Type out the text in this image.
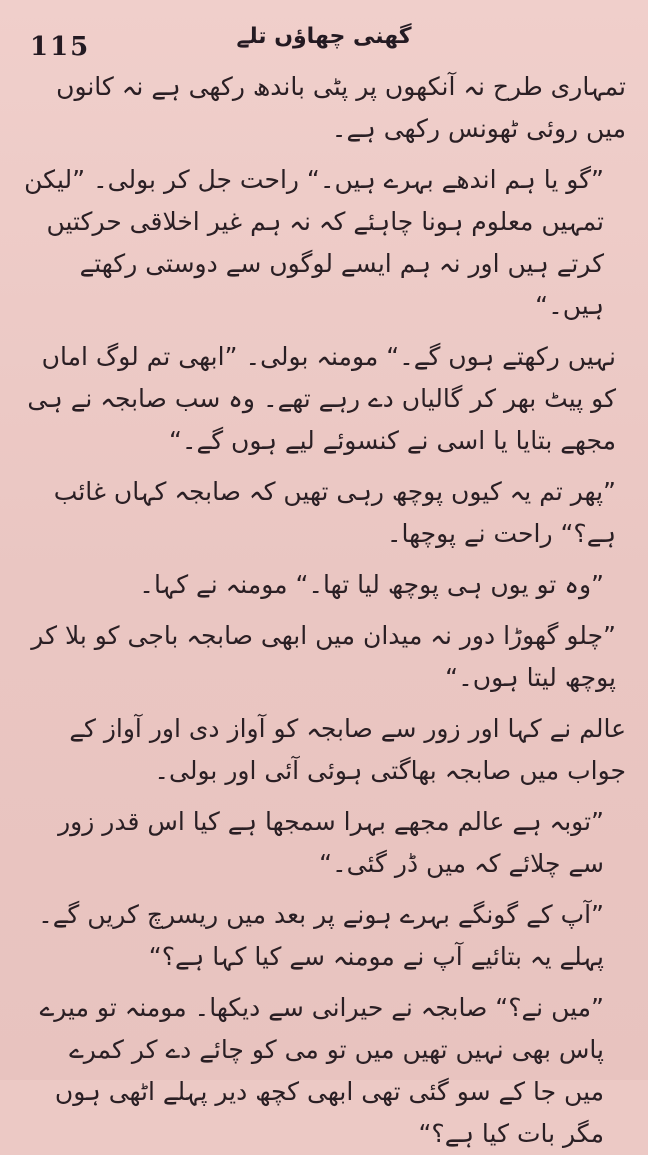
115	گھنی چھاؤں تلے

تمہاری طرح نہ آنکھوں پر پٹی باندھ رکھی ہے نہ کانوں میں روئی ٹھونس رکھی ہے۔

”گو یا ہم اندھے بہرے ہیں۔“ راحت جل کر بولی۔ ”لیکن تمہیں معلوم ہونا چاہئے کہ نہ ہم غیر اخلاقی حرکتیں کرتے ہیں اور نہ ہم ایسے لوگوں سے دوستی رکھتے ہیں۔“

نہیں رکھتے ہوں گے۔“ مومنہ بولی۔ ”ابھی تم لوگ اماں کو پیٹ بھر کر گالیاں دے رہے تھے۔ وہ سب صابجہ نے ہی مجھے بتایا یا اسی نے کنسوئے لیے ہوں گے۔“

”پھر تم یہ کیوں پوچھ رہی تھیں کہ صابجہ کہاں غائب ہے؟“ راحت نے پوچھا۔

”وہ تو یوں ہی پوچھ لیا تھا۔“ مومنہ نے کہا۔

”چلو گھوڑا دور نہ میدان میں ابھی صابجہ باجی کو بلا کر پوچھ لیتا ہوں۔“

عالم نے کہا اور زور سے صابجہ کو آواز دی اور آواز کے جواب میں صابجہ بھاگتی ہوئی آئی اور بولی۔

”توبہ ہے عالم مجھے بہرا سمجھا ہے کیا اس قدر زور سے چلائے کہ میں ڈر گئی۔“

”آپ کے گونگے بہرے ہونے پر بعد میں ریسرچ کریں گے۔ پہلے یہ بتائیے آپ نے مومنہ سے کیا کہا ہے؟“

”میں نے؟“ صابجہ نے حیرانی سے دیکھا۔ مومنہ تو میرے پاس بھی نہیں تھیں میں تو می کو چائے دے کر کمرے میں جا کے سو گئی تھی ابھی کچھ دیر پہلے اٹھی ہوں مگر بات کیا ہے؟“
